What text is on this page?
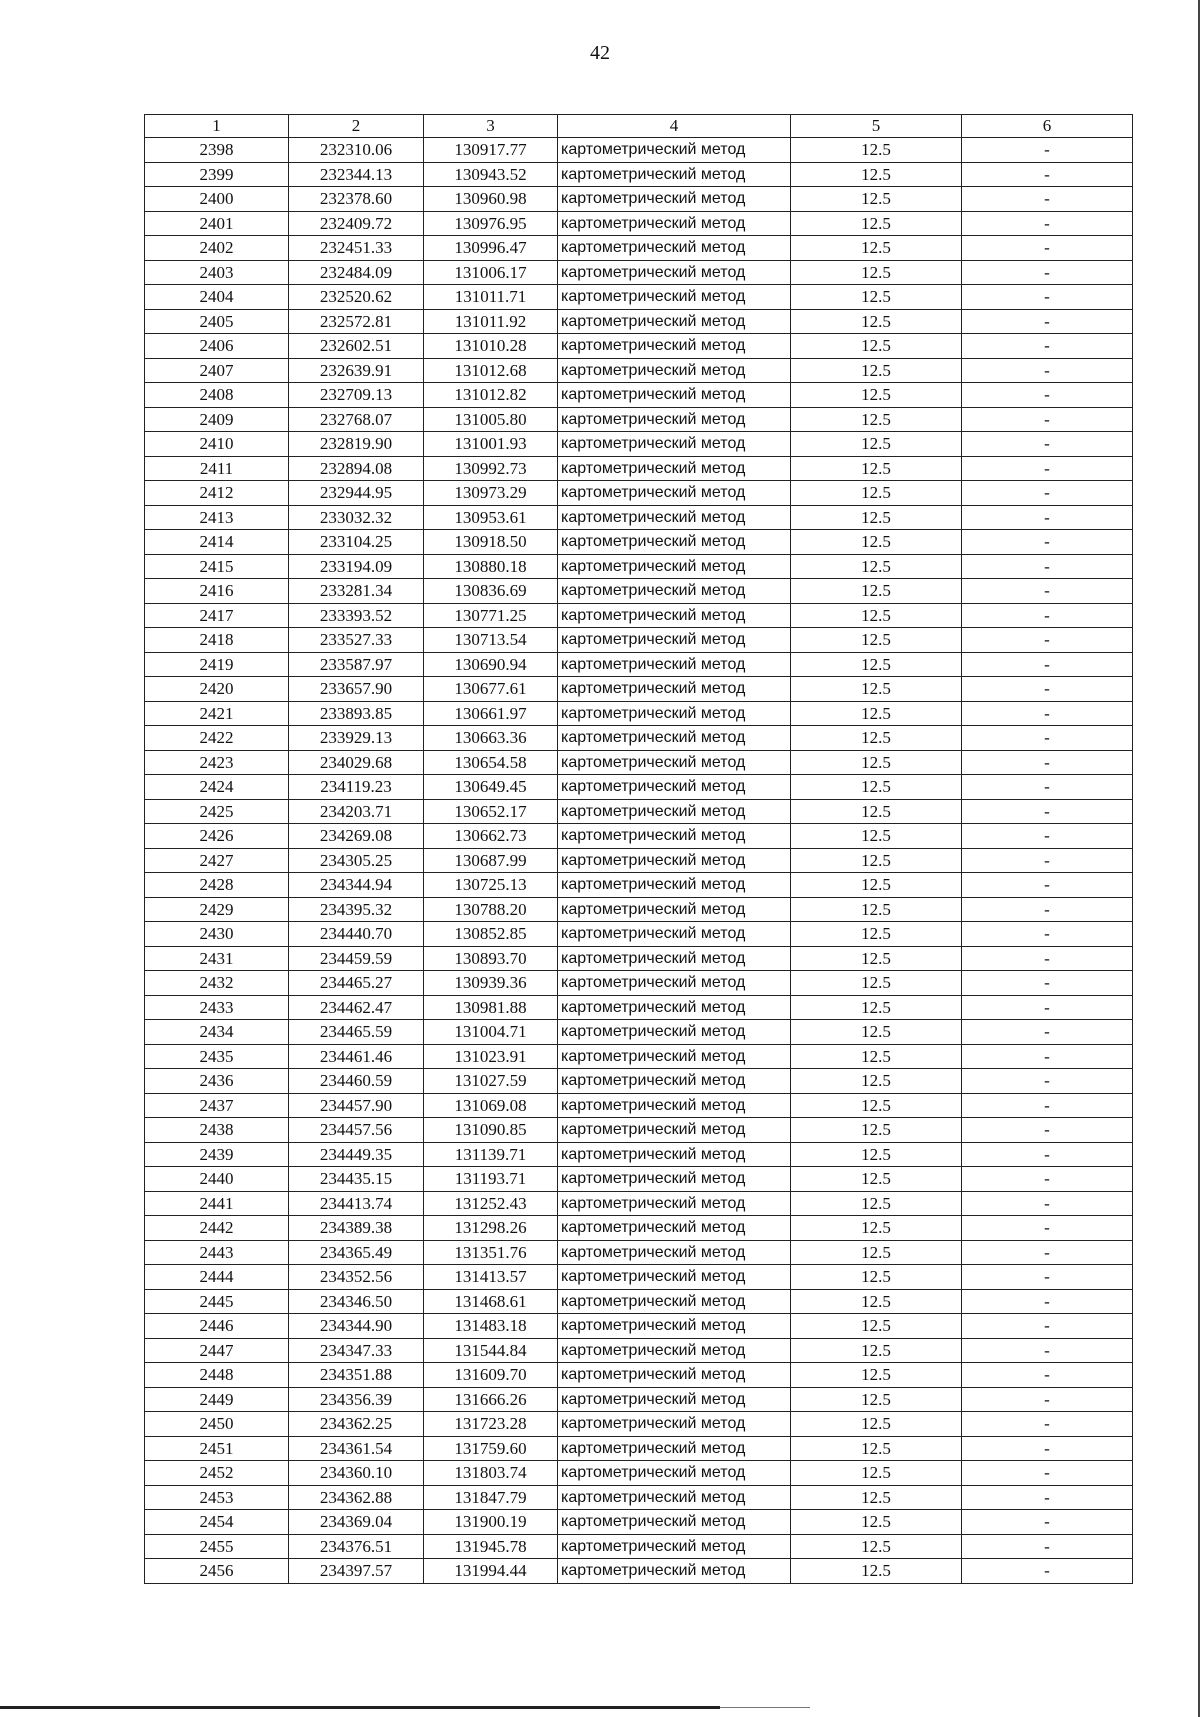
42
1	2	3	4	5	6
2398	232310.06	130917.77	картометрический метод	12.5	-
2399	232344.13	130943.52	картометрический метод	12.5	-
2400	232378.60	130960.98	картометрический метод	12.5	-
2401	232409.72	130976.95	картометрический метод	12.5	-
2402	232451.33	130996.47	картометрический метод	12.5	-
2403	232484.09	131006.17	картометрический метод	12.5	-
2404	232520.62	131011.71	картометрический метод	12.5	-
2405	232572.81	131011.92	картометрический метод	12.5	-
2406	232602.51	131010.28	картометрический метод	12.5	-
2407	232639.91	131012.68	картометрический метод	12.5	-
2408	232709.13	131012.82	картометрический метод	12.5	-
2409	232768.07	131005.80	картометрический метод	12.5	-
2410	232819.90	131001.93	картометрический метод	12.5	-
2411	232894.08	130992.73	картометрический метод	12.5	-
2412	232944.95	130973.29	картометрический метод	12.5	-
2413	233032.32	130953.61	картометрический метод	12.5	-
2414	233104.25	130918.50	картометрический метод	12.5	-
2415	233194.09	130880.18	картометрический метод	12.5	-
2416	233281.34	130836.69	картометрический метод	12.5	-
2417	233393.52	130771.25	картометрический метод	12.5	-
2418	233527.33	130713.54	картометрический метод	12.5	-
2419	233587.97	130690.94	картометрический метод	12.5	-
2420	233657.90	130677.61	картометрический метод	12.5	-
2421	233893.85	130661.97	картометрический метод	12.5	-
2422	233929.13	130663.36	картометрический метод	12.5	-
2423	234029.68	130654.58	картометрический метод	12.5	-
2424	234119.23	130649.45	картометрический метод	12.5	-
2425	234203.71	130652.17	картометрический метод	12.5	-
2426	234269.08	130662.73	картометрический метод	12.5	-
2427	234305.25	130687.99	картометрический метод	12.5	-
2428	234344.94	130725.13	картометрический метод	12.5	-
2429	234395.32	130788.20	картометрический метод	12.5	-
2430	234440.70	130852.85	картометрический метод	12.5	-
2431	234459.59	130893.70	картометрический метод	12.5	-
2432	234465.27	130939.36	картометрический метод	12.5	-
2433	234462.47	130981.88	картометрический метод	12.5	-
2434	234465.59	131004.71	картометрический метод	12.5	-
2435	234461.46	131023.91	картометрический метод	12.5	-
2436	234460.59	131027.59	картометрический метод	12.5	-
2437	234457.90	131069.08	картометрический метод	12.5	-
2438	234457.56	131090.85	картометрический метод	12.5	-
2439	234449.35	131139.71	картометрический метод	12.5	-
2440	234435.15	131193.71	картометрический метод	12.5	-
2441	234413.74	131252.43	картометрический метод	12.5	-
2442	234389.38	131298.26	картометрический метод	12.5	-
2443	234365.49	131351.76	картометрический метод	12.5	-
2444	234352.56	131413.57	картометрический метод	12.5	-
2445	234346.50	131468.61	картометрический метод	12.5	-
2446	234344.90	131483.18	картометрический метод	12.5	-
2447	234347.33	131544.84	картометрический метод	12.5	-
2448	234351.88	131609.70	картометрический метод	12.5	-
2449	234356.39	131666.26	картометрический метод	12.5	-
2450	234362.25	131723.28	картометрический метод	12.5	-
2451	234361.54	131759.60	картометрический метод	12.5	-
2452	234360.10	131803.74	картометрический метод	12.5	-
2453	234362.88	131847.79	картометрический метод	12.5	-
2454	234369.04	131900.19	картометрический метод	12.5	-
2455	234376.51	131945.78	картометрический метод	12.5	-
2456	234397.57	131994.44	картометрический метод	12.5	-
